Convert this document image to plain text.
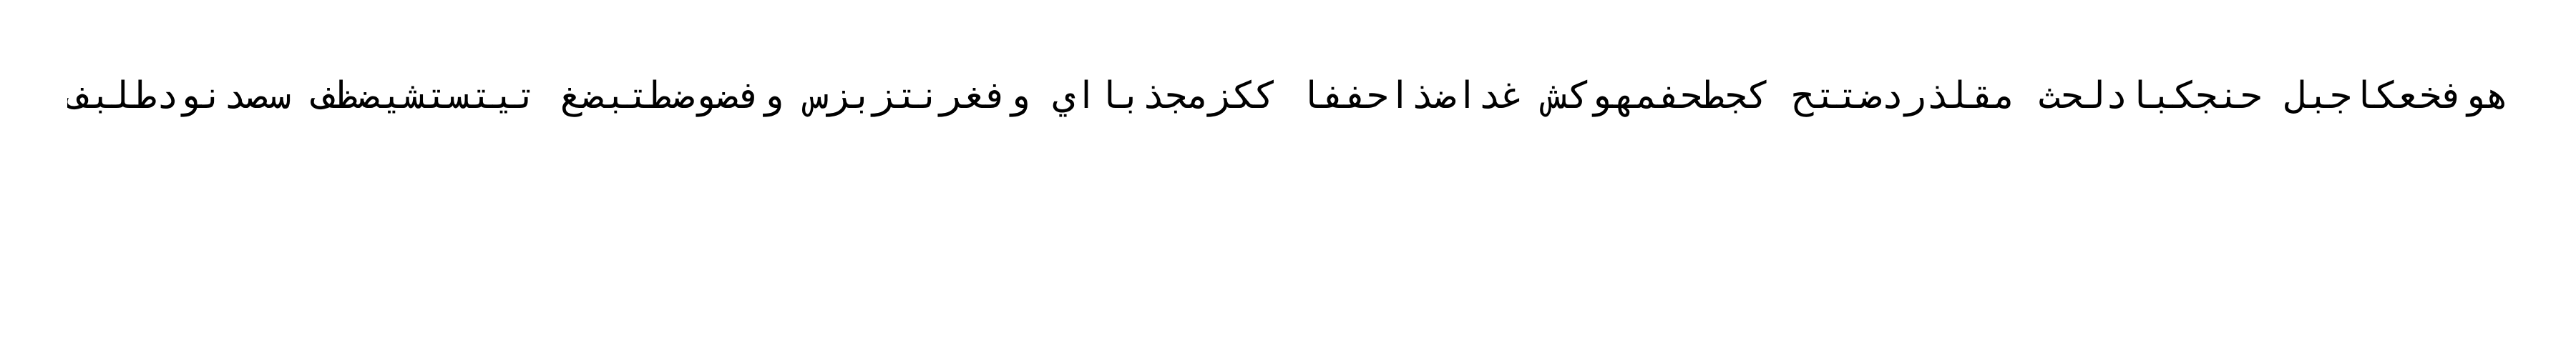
هوفخعكاجبل حنجكبادلحث مقلذردضتتح كجطحفمهوكش غداضذاحففا ككزمجذبااي وفغرنتزبزس وفضوضطتبضغ تيتستشيضظف سصدنودطلبف
